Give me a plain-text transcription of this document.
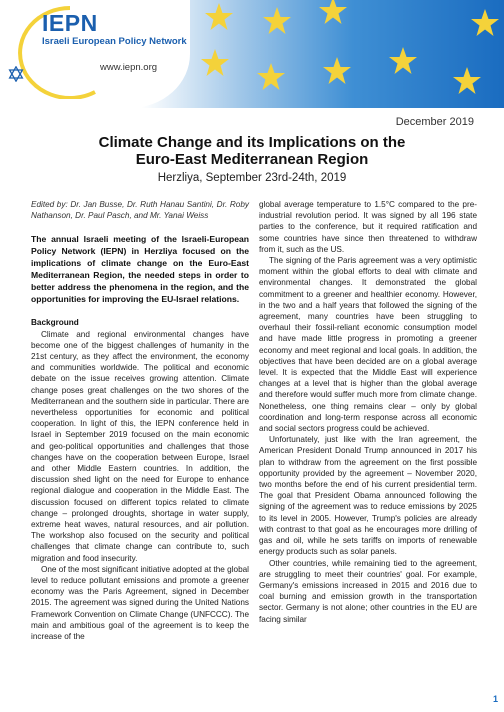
IEPN
Israeli European Policy Network
www.iepn.org
December 2019
Climate Change and its Implications on the
Euro-East Mediterranean Region
Herzliya, September 23rd-24th, 2019

Edited by: Dr. Jan Busse, Dr. Ruth Hanau Santini, Dr. Roby Nathanson, Dr. Paul Pasch, and Mr. Yanai Weiss

The annual Israeli meeting of the Israeli-European Policy Network (IEPN) in Herzliya focused on the implications of climate change on the Euro-East Mediterranean Region, the needed steps in order to better address the phenomena in the region, and the opportunities for improving the EU-Israel relations.

Background

Climate and regional environmental changes have become one of the biggest challenges of humanity in the 21st century, as they affect the environment, the economy and communities worldwide. The political and economic debate on the issue receives growing attention. Climate change poses great challenges on the two shores of the Mediterranean and the southern side in particular. There are nevertheless opportunities for economic and political cooperation. In light of this, the IEPN conference held in Israel in September 2019 focused on the main economic and geo-political opportunities and challenges that those changes have on the cooperation between Europe, Israel and other Middle Eastern countries. In addition, the discussion shed light on the need for Europe to enhance regional dialogue and cooperation in the Middle East. The discussion focused on different topics related to climate change – prolonged droughts, shortage in water supply, extreme heat waves, natural resources, and air pollution. The workshop also focused on the security and political challenges that climate change can contribute to, such migration and food insecurity.

One of the most significant initiative adopted at the global level to reduce pollutant emissions and promote a greener economy was the Paris Agreement, signed in December 2015. The agreement was signed during the United Nations Framework Convention on Climate Change (UNFCCC). The main and ambitious goal of the agreement is to keep the increase of the

global average temperature to 1.5°C compared to the pre-industrial revolution period. It was signed by all 196 state parties to the conference, but it required ratification and some countries have since then threatened to withdraw from it, such as the US.

The signing of the Paris agreement was a very optimistic moment within the global efforts to deal with climate and environmental changes. It demonstrated the global commitment to a greener and healthier economy. However, in the two and a half years that followed the signing of the agreement, many countries have been struggling to overhaul their fossil-reliant economic consumption model and have made little progress in promoting a greener economy and meet regional and local goals. In addition, the objectives that have been decided are on a global average level. It is expected that the Middle East will experience changes at a level that is higher than the global average and therefore would suffer much more from climate change. Nonetheless, one thing remains clear – only by global coordination and long-term response across all economic and social sectors progress could be achieved.

Unfortunately, just like with the Iran agreement, the American President Donald Trump announced in 2017 his plan to withdraw from the agreement on the first possible opportunity provided by the agreement – November 2020, two months before the end of his current presidential term. The goal that President Obama announced following the signing of the agreement was to reduce emissions by 2025 to its level in 2005. However, Trump's policies are already with contrast to that goal as he encourages more drilling of gas and oil, while he sets tariffs on imports of renewable energy products such as solar panels.

Other countries, while remaining tied to the agreement, are struggling to meet their countries' goal. For example, Germany's emissions increased in 2015 and 2016 due to coal burning and emission growth in the transportation sector. Germany is not alone; other countries in the EU are facing similar

1
